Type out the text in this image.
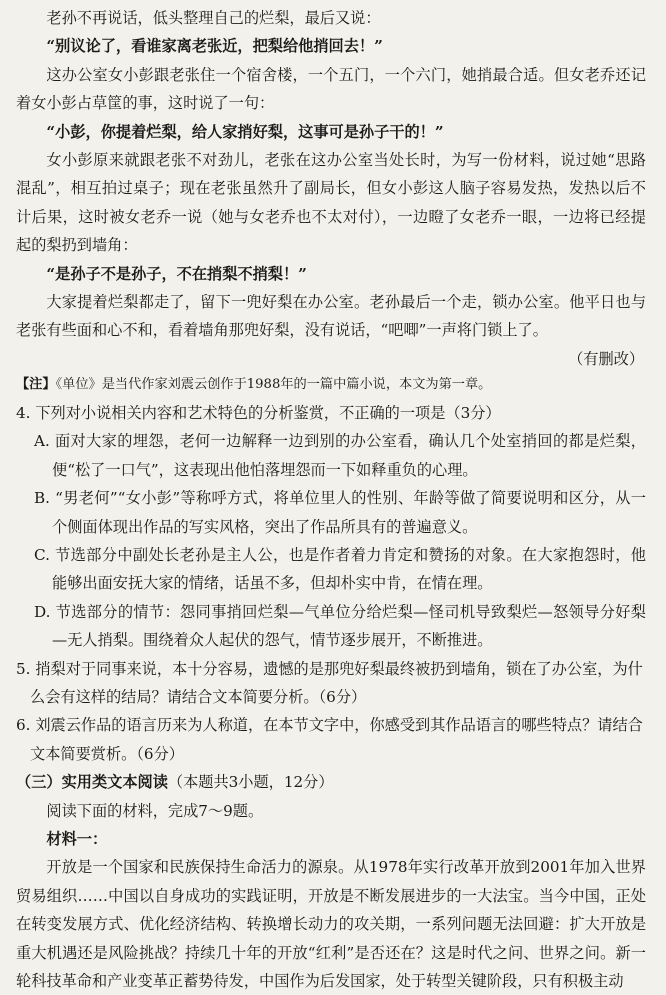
老孙不再说话，低头整理自己的烂梨，最后又说：

“别议论了，看谁家离老张近，把梨给他捎回去！”

这办公室女小彭跟老张住一个宿舍楼，一个五门，一个六门，她捎最合适。但女老乔还记着女小彭占草筐的事，这时说了一句：

“小彭，你提着烂梨，给人家捎好梨，这事可是孙子干的！”

女小彭原来就跟老张不对劲儿，老张在这办公室当处长时，为写一份材料，说过她“思路混乱”，相互拍过桌子；现在老张虽然升了副局长，但女小彭这人脑子容易发热，发热以后不计后果，这时被女老乔一说（她与女老乔也不太对付），一边瞪了女老乔一眼，一边将已经提起的梨扔到墙角：

“是孙子不是孙子，不在捎梨不捎梨！”

大家提着烂梨都走了，留下一兜好梨在办公室。老孙最后一个走，锁办公室。他平日也与老张有些面和心不和，看着墙角那兜好梨，没有说话，“吧唧”一声将门锁上了。

（有删改）

【注】《单位》是当代作家刘震云创作于1988年的一篇中篇小说，本文为第一章。

4. 下列对小说相关内容和艺术特色的分析鉴赏，不正确的一项是（3分）

A. 面对大家的埋怨，老何一边解释一边到别的办公室看，确认几个处室捎回的都是烂梨，便“松了一口气”，这表现出他怕落埋怨而一下如释重负的心理。

B. “男老何”“女小彭”等称呼方式，将单位里人的性别、年龄等做了简要说明和区分，从一个侧面体现出作品的写实风格，突出了作品所具有的普遍意义。

C. 节选部分中副处长老孙是主人公，也是作者着力肯定和赞扬的对象。在大家抱怨时，他能够出面安抚大家的情绪，话虽不多，但却朴实中肯，在情在理。

D. 节选部分的情节：怨同事捎回烂梨—气单位分给烂梨—怪司机导致梨烂—怒领导分好梨—无人捎梨。围绕着众人起伏的怨气，情节逐步展开，不断推进。

5. 捎梨对于同事来说，本十分容易，遗憾的是那兜好梨最终被扔到墙角，锁在了办公室，为什么会有这样的结局？请结合文本简要分析。（6分）

6. 刘震云作品的语言历来为人称道，在本节文字中，你感受到其作品语言的哪些特点？请结合文本简要赏析。（6分）

（三）实用类文本阅读（本题共3小题，12分）

阅读下面的材料，完成7～9题。

材料一：

开放是一个国家和民族保持生命活力的源泉。从1978年实行改革开放到2001年加入世界贸易组织……中国以自身成功的实践证明，开放是不断发展进步的一大法宝。当今中国，正处在转变发展方式、优化经济结构、转换增长动力的攻关期，一系列问题无法回避：扩大开放是重大机遇还是风险挑战？持续几十年的开放“红利”是否还在？这是时代之问、世界之问。新一轮科技革命和产业变革正蓄势待发，中国作为后发国家，处于转型关键阶段，只有积极主动
